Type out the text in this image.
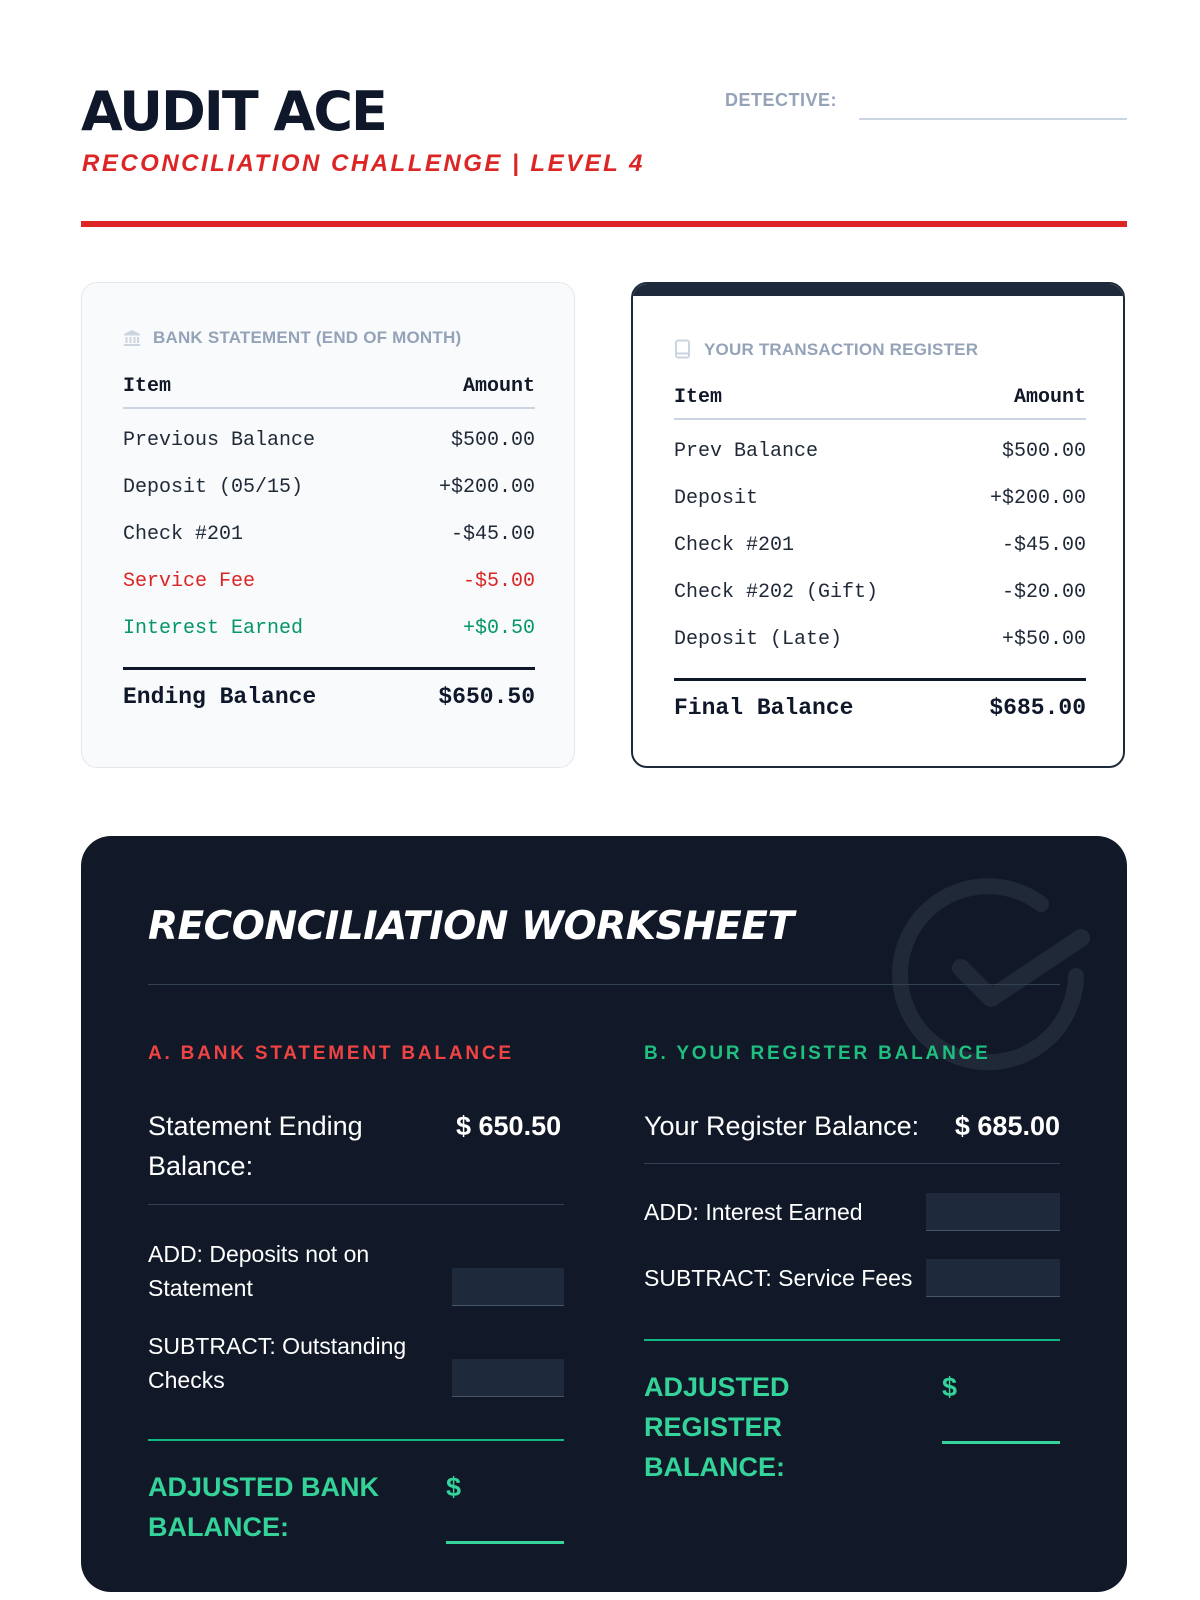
AUDIT ACE
RECONCILIATION CHALLENGE | LEVEL 4
DETECTIVE:
BANK STATEMENT (END OF MONTH)
Item	Amount
Previous Balance	$500.00
Deposit (05/15)	+$200.00
Check #201	-$45.00
Service Fee	-$5.00
Interest Earned	+$0.50
Ending Balance	$650.50
YOUR TRANSACTION REGISTER
Item	Amount
Prev Balance	$500.00
Deposit	+$200.00
Check #201	-$45.00
Check #202 (Gift)	-$20.00
Deposit (Late)	+$50.00
Final Balance	$685.00
RECONCILIATION WORKSHEET
A. BANK STATEMENT BALANCE	B. YOUR REGISTER BALANCE
Statement Ending Balance:
$ 650.50
ADD: Deposits not on Statement
SUBTRACT: Outstanding Checks
ADJUSTED BANK BALANCE:
$
Your Register Balance: $ 685.00
ADD: Interest Earned
SUBTRACT: Service Fees
ADJUSTED REGISTER BALANCE:
$
